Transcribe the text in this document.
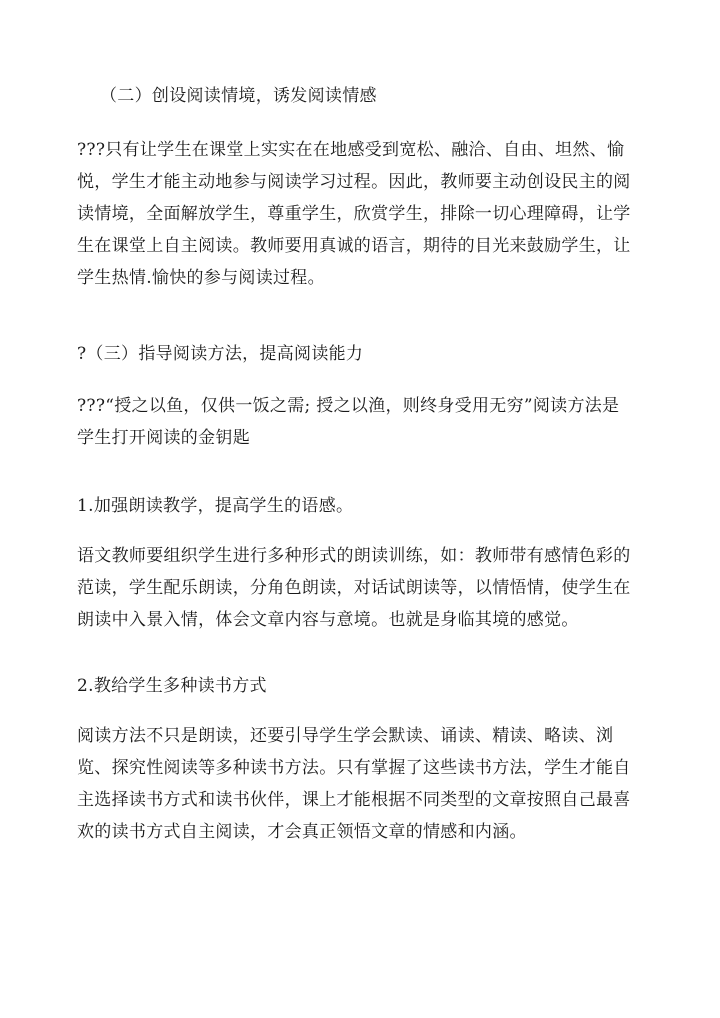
（二）创设阅读情境，诱发阅读情感

???只有让学生在课堂上实实在在地感受到宽松、融洽、自由、坦然、愉悦，学生才能主动地参与阅读学习过程。因此，教师要主动创设民主的阅读情境，全面解放学生，尊重学生，欣赏学生，排除一切心理障碍，让学生在课堂上自主阅读。教师要用真诚的语言，期待的目光来鼓励学生，让学生热情.愉快的参与阅读过程。

?（三）指导阅读方法，提高阅读能力

???“授之以鱼，仅供一饭之需; 授之以渔，则终身受用无穷”阅读方法是学生打开阅读的金钥匙

1.加强朗读教学，提高学生的语感。

语文教师要组织学生进行多种形式的朗读训练，如：教师带有感情色彩的范读，学生配乐朗读，分角色朗读，对话试朗读等，以情悟情，使学生在朗读中入景入情，体会文章内容与意境。也就是身临其境的感觉。

2.教给学生多种读书方式

阅读方法不只是朗读，还要引导学生学会默读、诵读、精读、略读、浏览、探究性阅读等多种读书方法。只有掌握了这些读书方法，学生才能自主选择读书方式和读书伙伴，课上才能根据不同类型的文章按照自己最喜欢的读书方式自主阅读，才会真正领悟文章的情感和内涵。
